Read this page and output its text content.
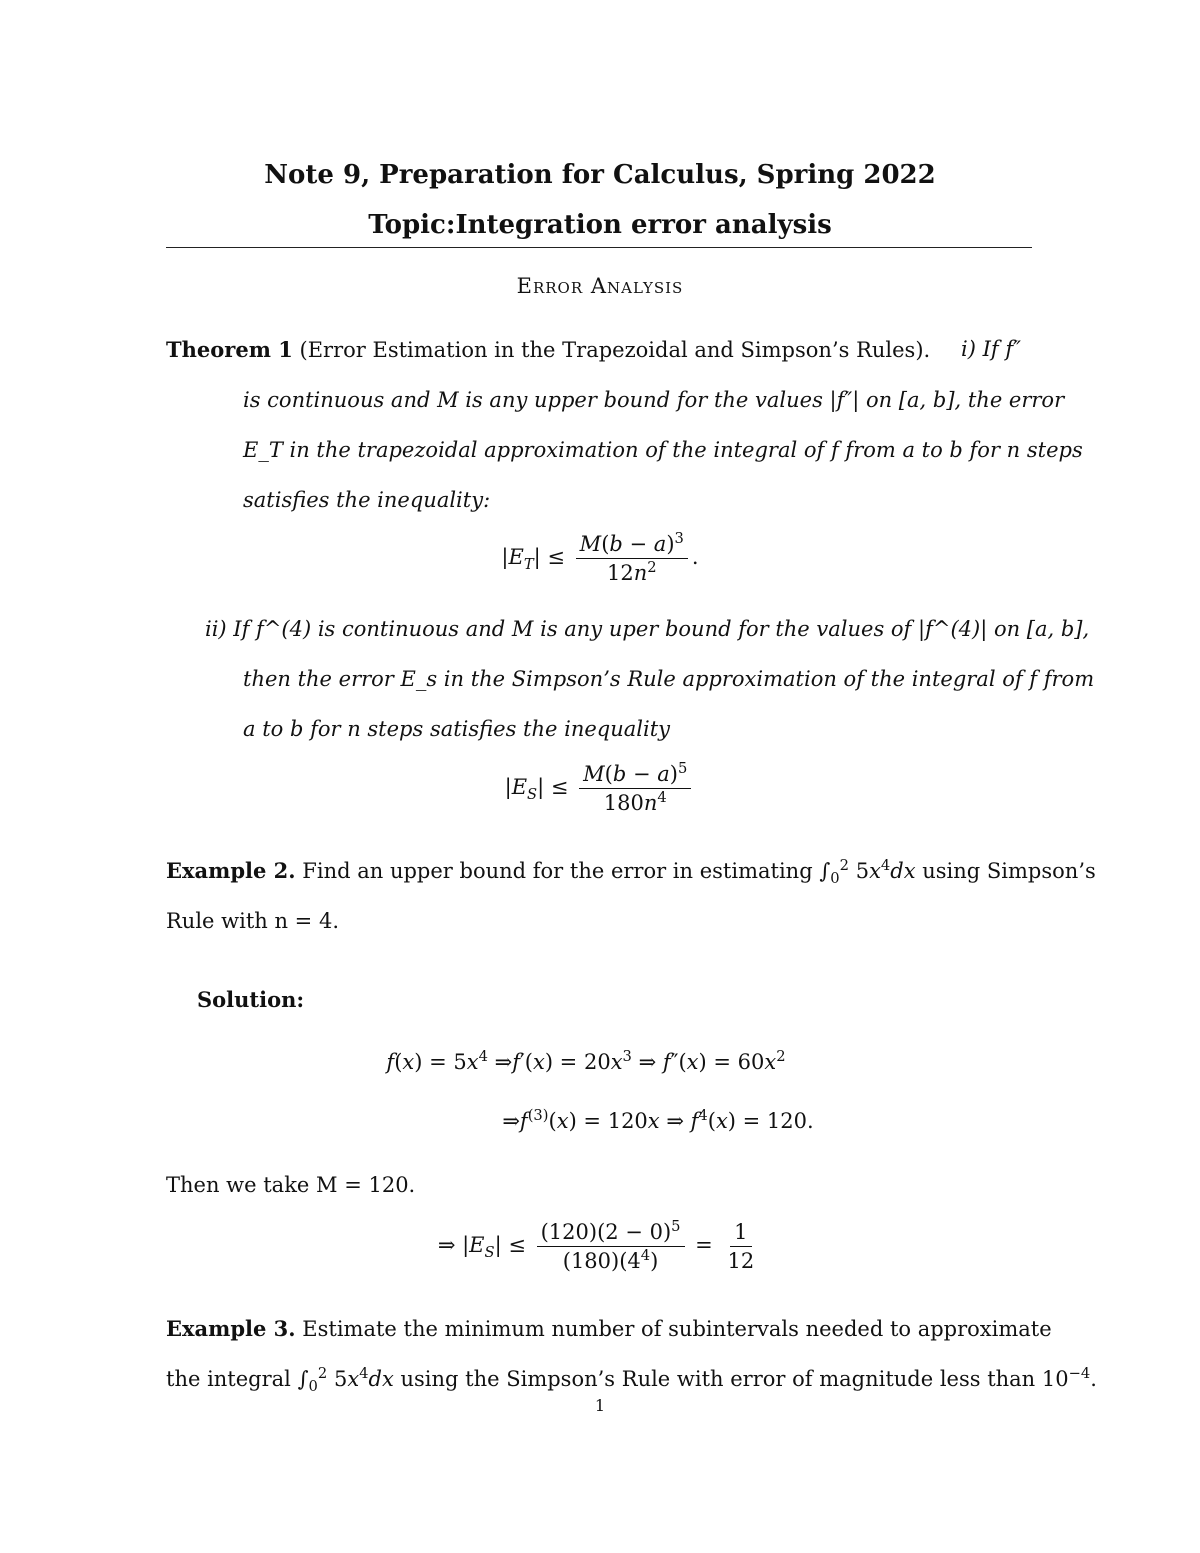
Note 9, Preparation for Calculus, Spring 2022
Topic:Integration error analysis
Error Analysis
Theorem 1 (Error Estimation in the Trapezoidal and Simpson’s Rules). i) If f″
is continuous and M is any upper bound for the values |f″| on [a, b], the error
E_T in the trapezoidal approximation of the integral of f from a to b for n steps
satisfies the inequality:
$|E_T| \le \frac{M(b - a)^3}{12n^2}$ .
ii) If f^(4) is continuous and M is any uper bound for the values of |f^(4)| on [a, b],
then the error E_s in the Simpson’s Rule approximation of the integral of f from
a to b for n steps satisfies the inequality
$|E_S| \le \frac{M(b - a)^5}{180n^4}$
Example 2. Find an upper bound for the error in estimating $\int_0^2$ $5x^4dx$ using Simpson’s
Rule with n = 4.
Solution:
$f(x) = 5x^4$ ⇒f′(x) = $20x^3$ ⇒ $f''(x) = 60x^2$
$\Rightarrow f^{(3)}(x) = 120x$ ⇒ $f^4(x) = 120$.
Then we take M = 120.
⇒ $|E_S| \le \frac{(120)(2 - 0)^5}{(180)(4^4)} = \frac{1}{12}$
Example 3. Estimate the minimum number of subintervals needed to approximate
the integral $\int_0^2$ $5x^4dx$ using the Simpson’s Rule with error of magnitude less than $10^{-4}$.
1
